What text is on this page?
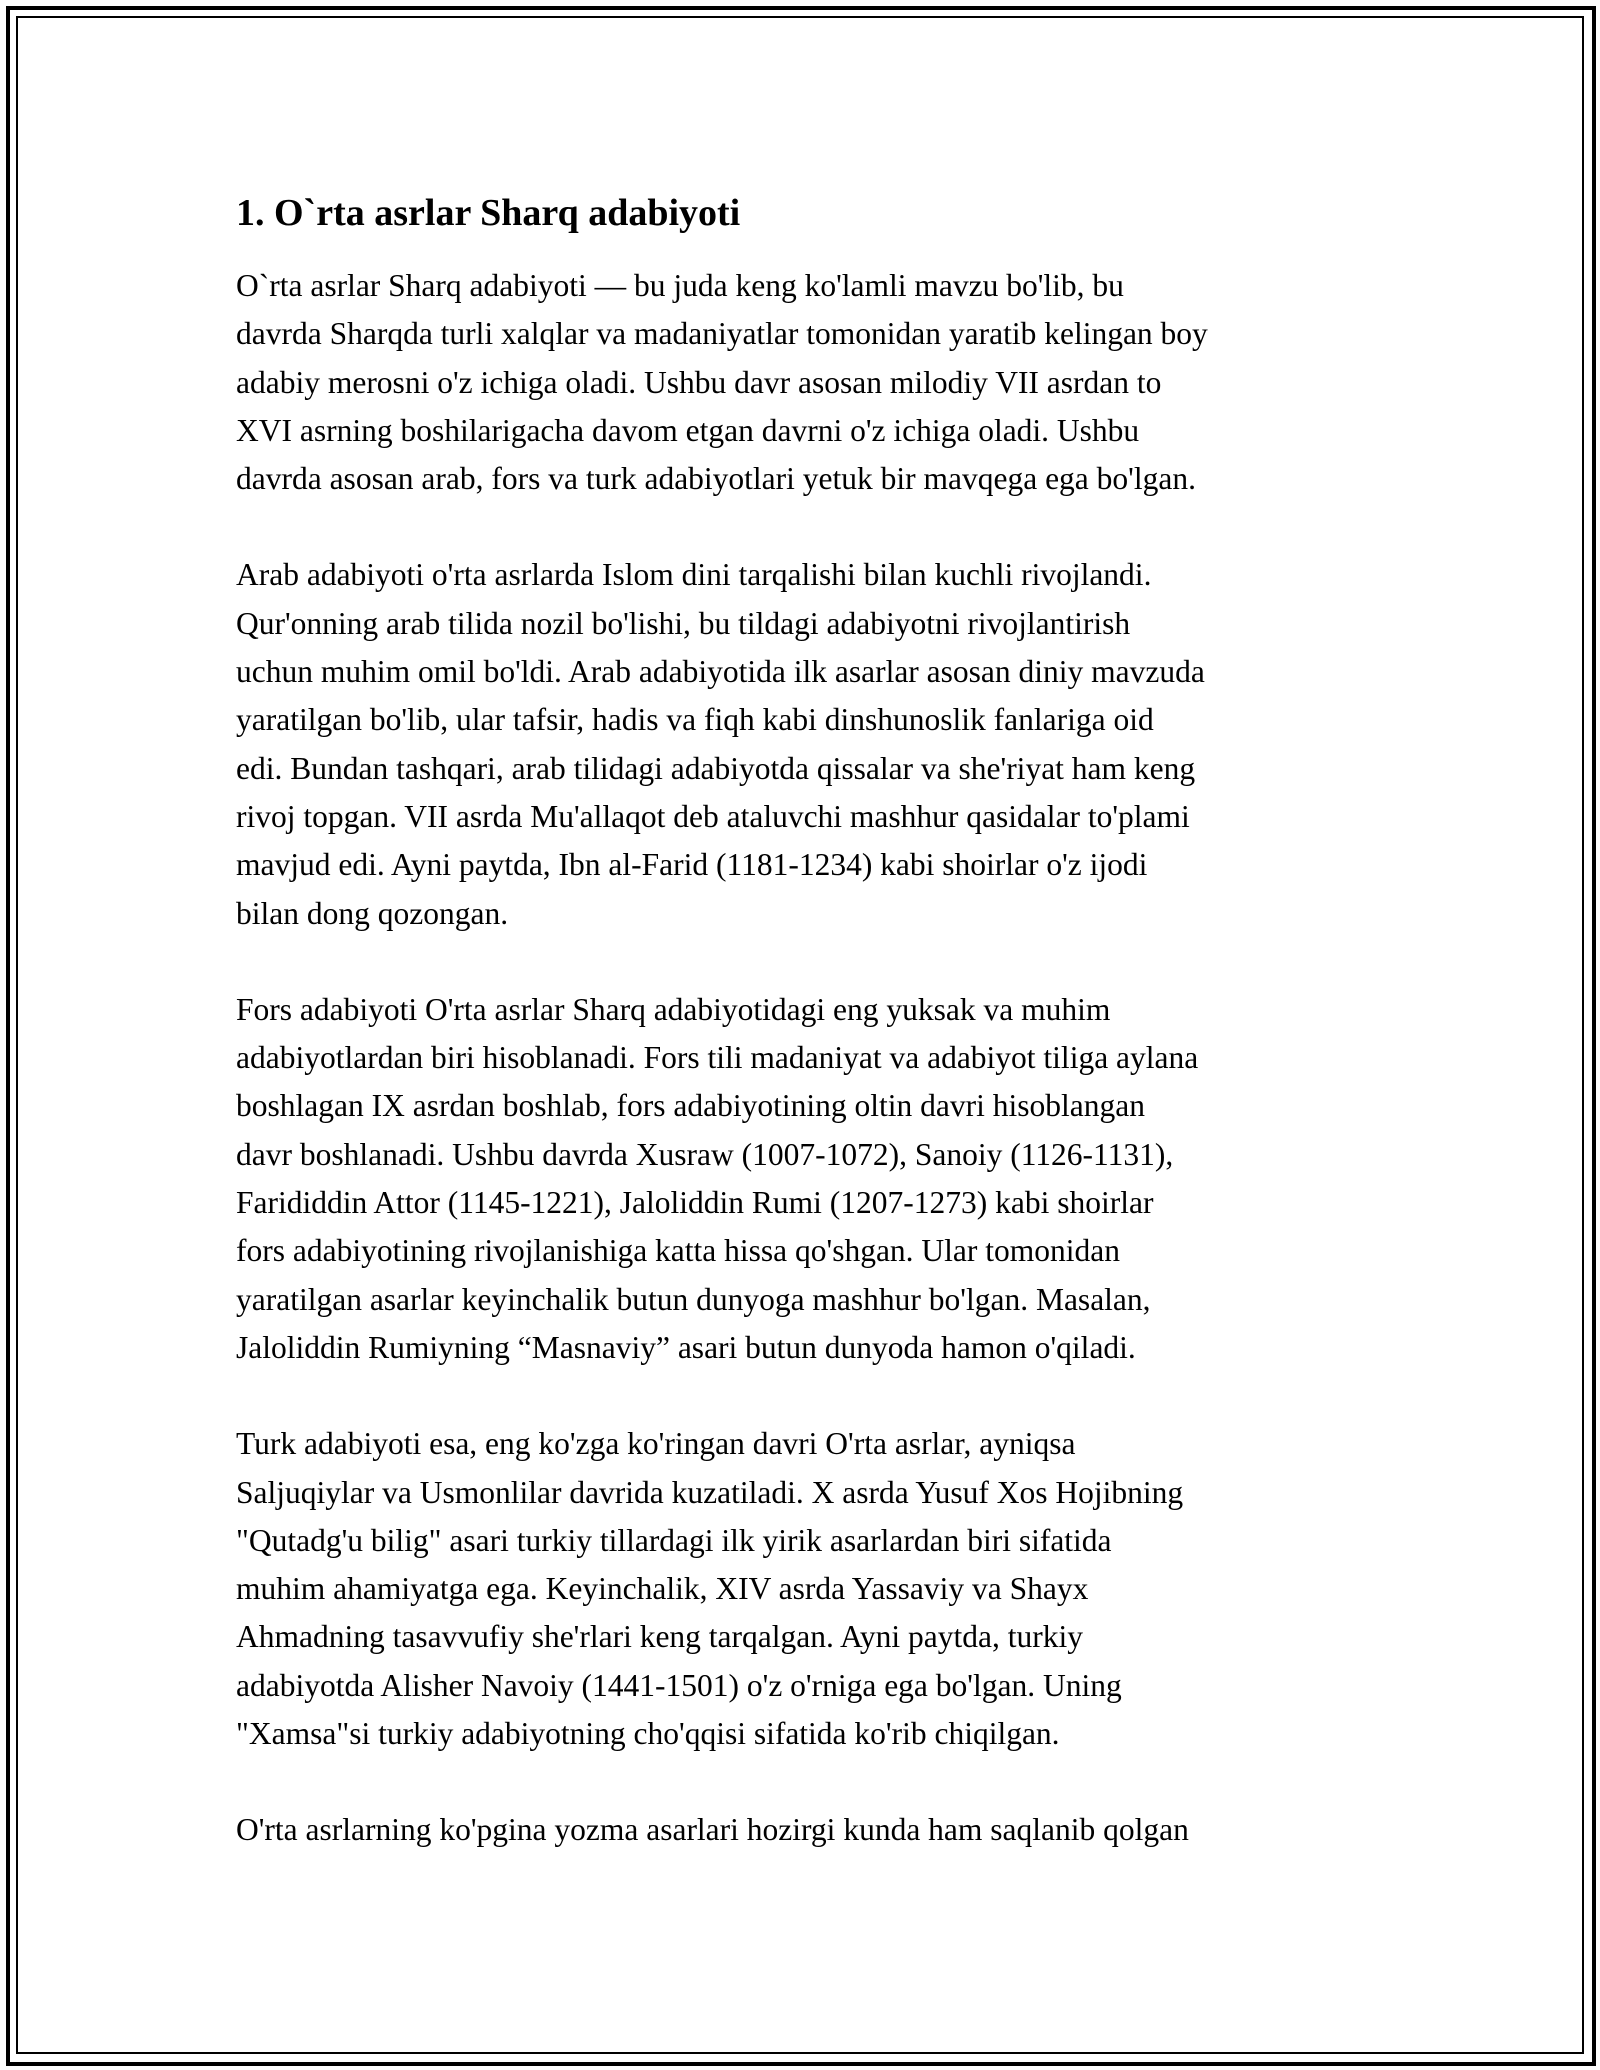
1. O`rta asrlar Sharq adabiyoti
O`rta asrlar Sharq adabiyoti — bu juda keng ko'lamli mavzu bo'lib, bu
davrda Sharqda turli xalqlar va madaniyatlar tomonidan yaratib kelingan boy
adabiy merosni o'z ichiga oladi. Ushbu davr asosan milodiy VII asrdan to
XVI asrning boshilarigacha davom etgan davrni o'z ichiga oladi. Ushbu
davrda asosan arab, fors va turk adabiyotlari yetuk bir mavqega ega bo'lgan.
Arab adabiyoti o'rta asrlarda Islom dini tarqalishi bilan kuchli rivojlandi.
Qur'onning arab tilida nozil bo'lishi, bu tildagi adabiyotni rivojlantirish
uchun muhim omil bo'ldi. Arab adabiyotida ilk asarlar asosan diniy mavzuda
yaratilgan bo'lib, ular tafsir, hadis va fiqh kabi dinshunoslik fanlariga oid
edi. Bundan tashqari, arab tilidagi adabiyotda qissalar va she'riyat ham keng
rivoj topgan. VII asrda Mu'allaqot deb ataluvchi mashhur qasidalar to'plami
mavjud edi. Ayni paytda, Ibn al-Farid (1181-1234) kabi shoirlar o'z ijodi
bilan dong qozongan.
Fors adabiyoti O'rta asrlar Sharq adabiyotidagi eng yuksak va muhim
adabiyotlardan biri hisoblanadi. Fors tili madaniyat va adabiyot tiliga aylana
boshlagan IX asrdan boshlab, fors adabiyotining oltin davri hisoblangan
davr boshlanadi. Ushbu davrda Xusraw (1007-1072), Sanoiy (1126-1131),
Farididdin Attor (1145-1221), Jaloliddin Rumi (1207-1273) kabi shoirlar
fors adabiyotining rivojlanishiga katta hissa qo'shgan. Ular tomonidan
yaratilgan asarlar keyinchalik butun dunyoga mashhur bo'lgan. Masalan,
Jaloliddin Rumiyning “Masnaviy” asari butun dunyoda hamon o'qiladi.
Turk adabiyoti esa, eng ko'zga ko'ringan davri O'rta asrlar, ayniqsa
Saljuqiylar va Usmonlilar davrida kuzatiladi. X asrda Yusuf Xos Hojibning
"Qutadg'u bilig" asari turkiy tillardagi ilk yirik asarlardan biri sifatida
muhim ahamiyatga ega. Keyinchalik, XIV asrda Yassaviy va Shayx
Ahmadning tasavvufiy she'rlari keng tarqalgan. Ayni paytda, turkiy
adabiyotda Alisher Navoiy (1441-1501) o'z o'rniga ega bo'lgan. Uning
"Xamsa"si turkiy adabiyotning cho'qqisi sifatida ko'rib chiqilgan.
O'rta asrlarning ko'pgina yozma asarlari hozirgi kunda ham saqlanib qolgan
